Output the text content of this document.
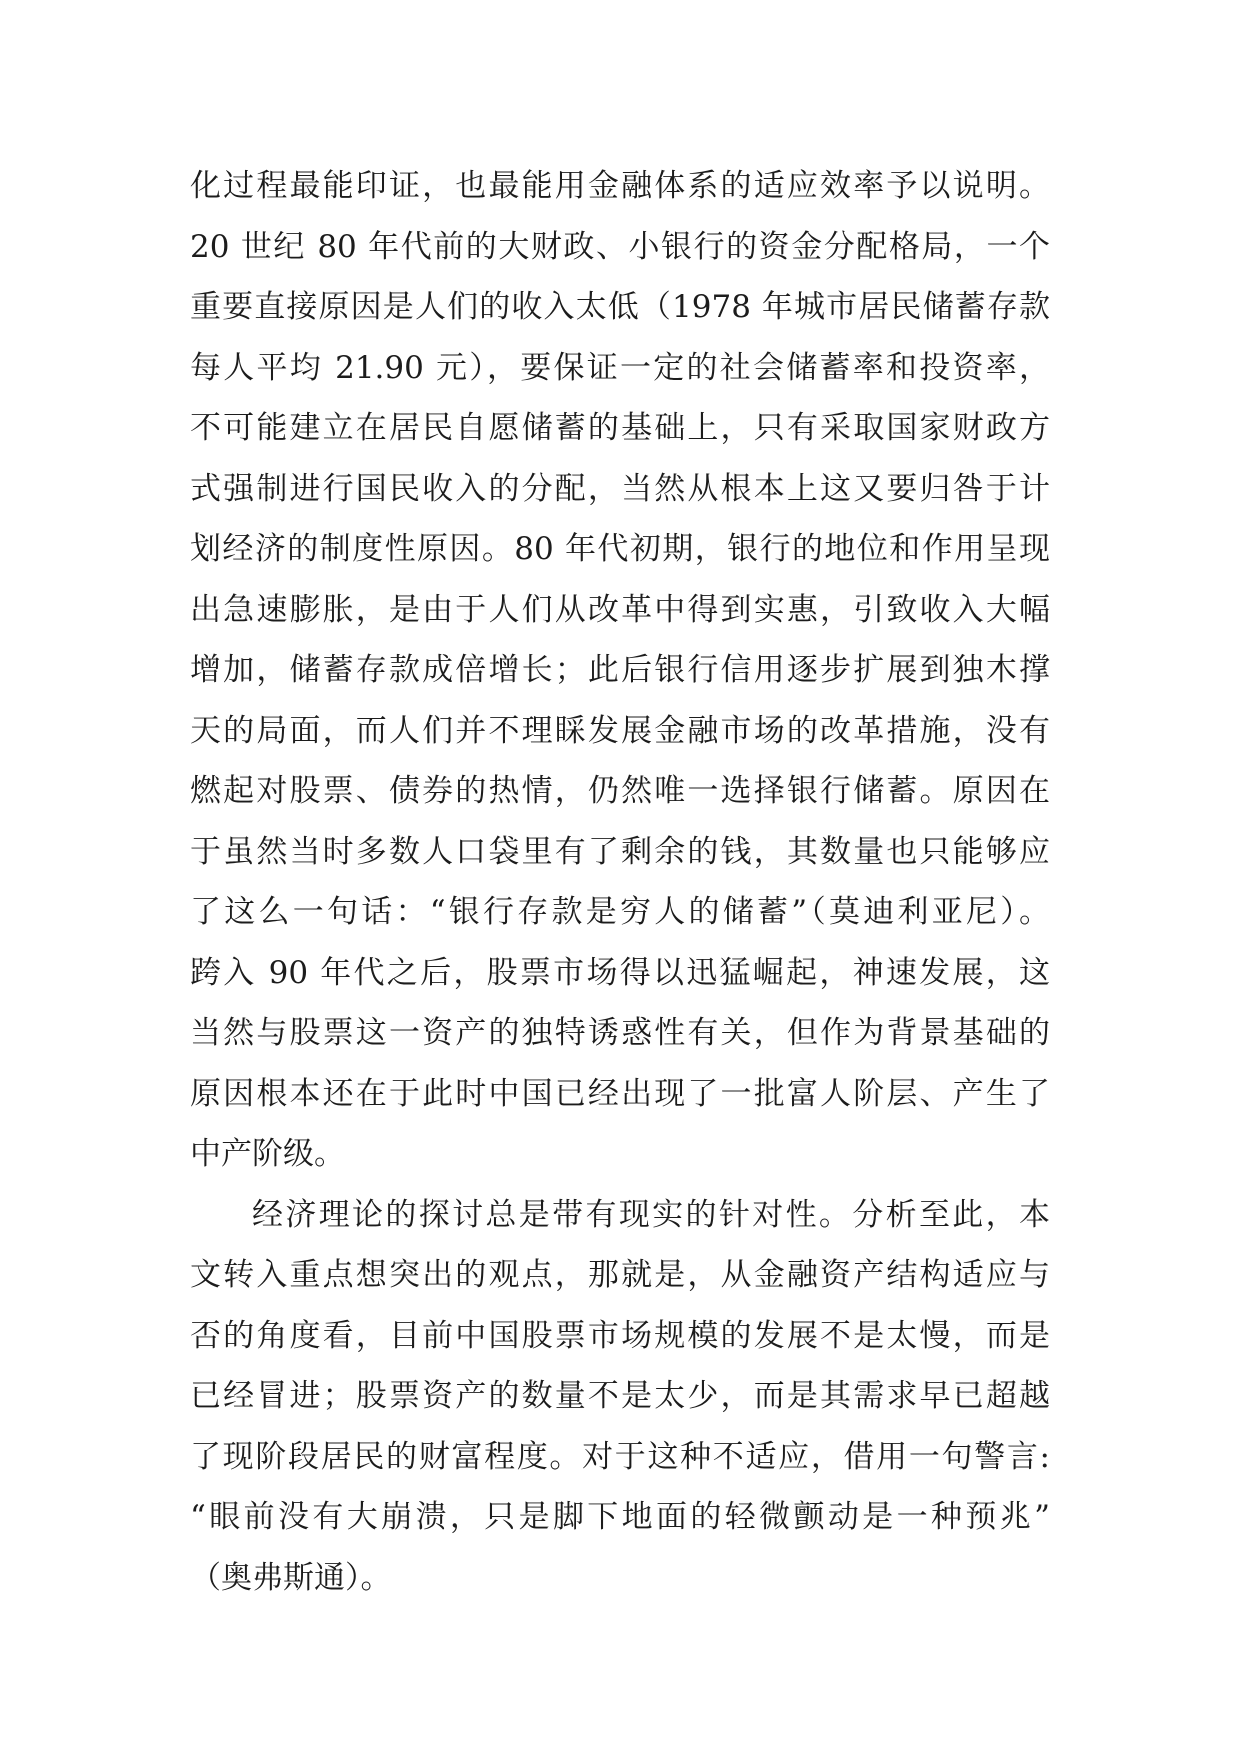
化过程最能印证，也最能用金融体系的适应效率予以说明。
20 世纪 80 年代前的大财政、小银行的资金分配格局，一个
重要直接原因是人们的收入太低（1978 年城市居民储蓄存款
每人平均 21.90 元），要保证一定的社会储蓄率和投资率，
不可能建立在居民自愿储蓄的基础上，只有采取国家财政方
式强制进行国民收入的分配，当然从根本上这又要归咎于计
划经济的制度性原因。80 年代初期，银行的地位和作用呈现
出急速膨胀，是由于人们从改革中得到实惠，引致收入大幅
增加，储蓄存款成倍增长；此后银行信用逐步扩展到独木撑
天的局面，而人们并不理睬发展金融市场的改革措施，没有
燃起对股票、债券的热情，仍然唯一选择银行储蓄。原因在
于虽然当时多数人口袋里有了剩余的钱，其数量也只能够应
了这么一句话：“银行存款是穷人的储蓄”（莫迪利亚尼）。
跨入 90 年代之后，股票市场得以迅猛崛起，神速发展，这
当然与股票这一资产的独特诱惑性有关，但作为背景基础的
原因根本还在于此时中国已经出现了一批富人阶层、产生了
中产阶级。
经济理论的探讨总是带有现实的针对性。分析至此，本
文转入重点想突出的观点，那就是，从金融资产结构适应与
否的角度看，目前中国股票市场规模的发展不是太慢，而是
已经冒进；股票资产的数量不是太少，而是其需求早已超越
了现阶段居民的财富程度。对于这种不适应，借用一句警言:
“眼前没有大崩溃，只是脚下地面的轻微颤动是一种预兆”
（奥弗斯通）。
